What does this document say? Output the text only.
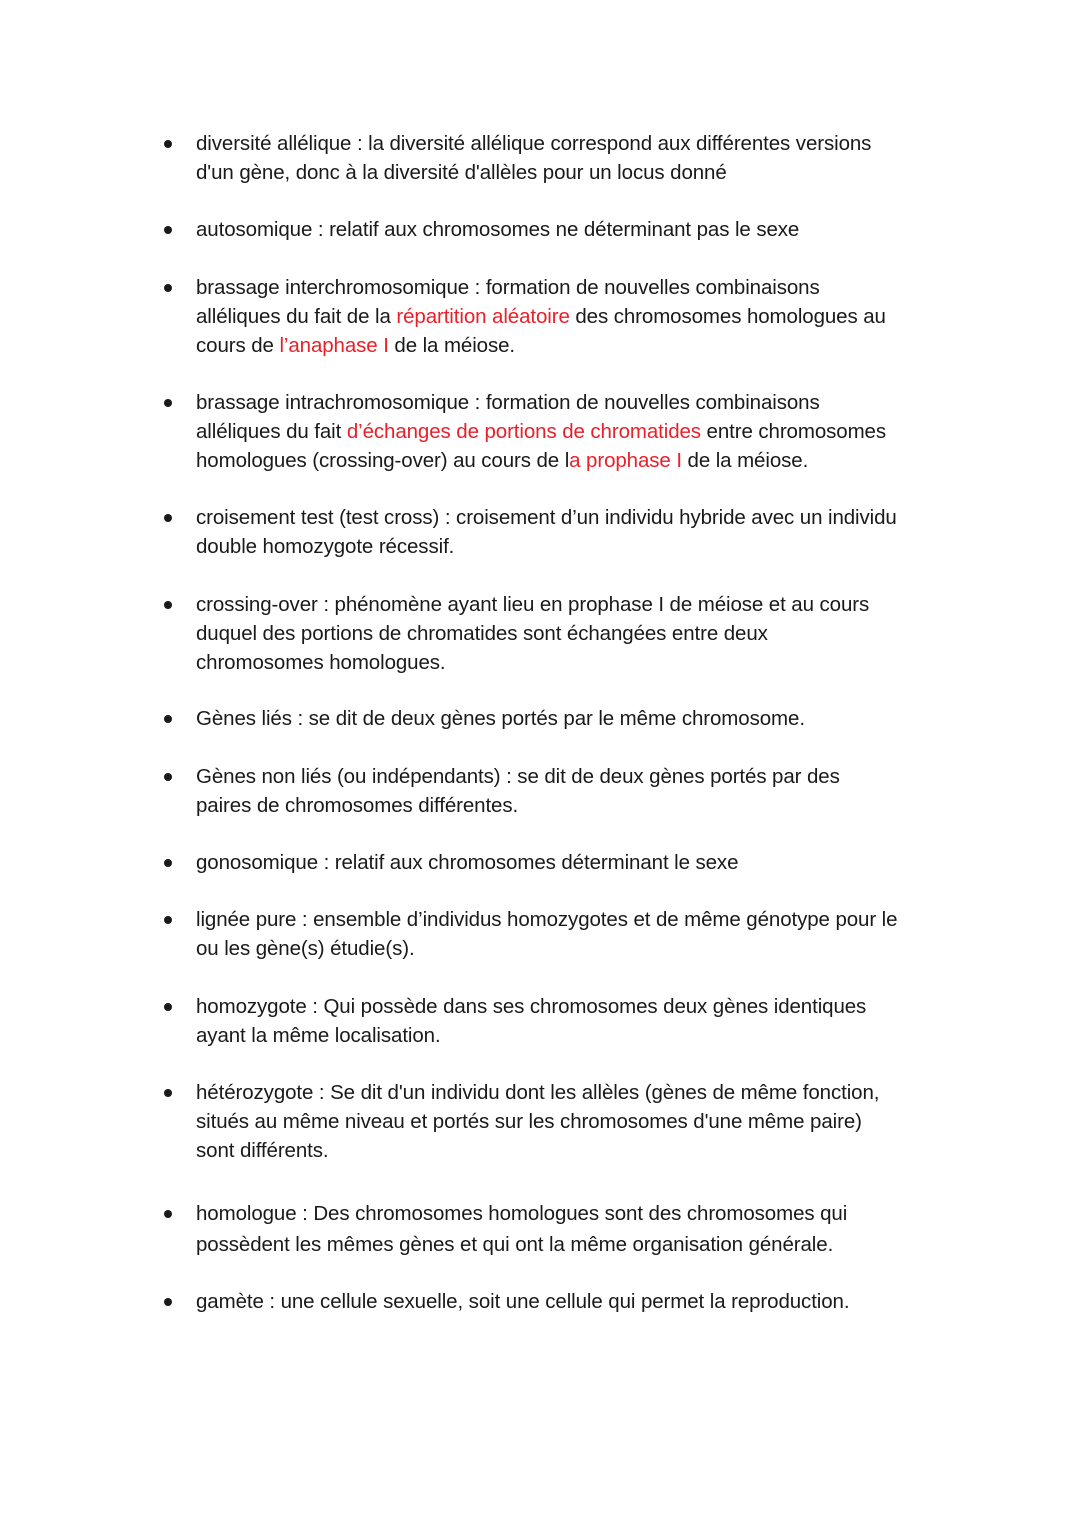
diversité allélique : la diversité allélique correspond aux différentes versions
d'un gène, donc à la diversité d'allèles pour un locus donné
autosomique : relatif aux chromosomes ne déterminant pas le sexe
brassage interchromosomique : formation de nouvelles combinaisons
alléliques du fait de la répartition aléatoire des chromosomes homologues au
cours de l’anaphase I de la méiose.
brassage intrachromosomique : formation de nouvelles combinaisons
alléliques du fait d’échanges de portions de chromatides entre chromosomes
homologues (crossing-over) au cours de la prophase I de la méiose.
croisement test (test cross) : croisement d’un individu hybride avec un individu
double homozygote récessif.
crossing-over : phénomène ayant lieu en prophase I de méiose et au cours
duquel des portions de chromatides sont échangées entre deux
chromosomes homologues.
Gènes liés : se dit de deux gènes portés par le même chromosome.
Gènes non liés (ou indépendants) : se dit de deux gènes portés par des
paires de chromosomes différentes.
gonosomique : relatif aux chromosomes déterminant le sexe
lignée pure : ensemble d’individus homozygotes et de même génotype pour le
ou les gène(s) étudie(s).
homozygote : Qui possède dans ses chromosomes deux gènes identiques
ayant la même localisation.
hétérozygote : Se dit d'un individu dont les allèles (gènes de même fonction,
situés au même niveau et portés sur les chromosomes d'une même paire)
sont différents.
homologue : Des chromosomes homologues sont des chromosomes qui
possèdent les mêmes gènes et qui ont la même organisation générale.
gamète : une cellule sexuelle, soit une cellule qui permet la reproduction.
